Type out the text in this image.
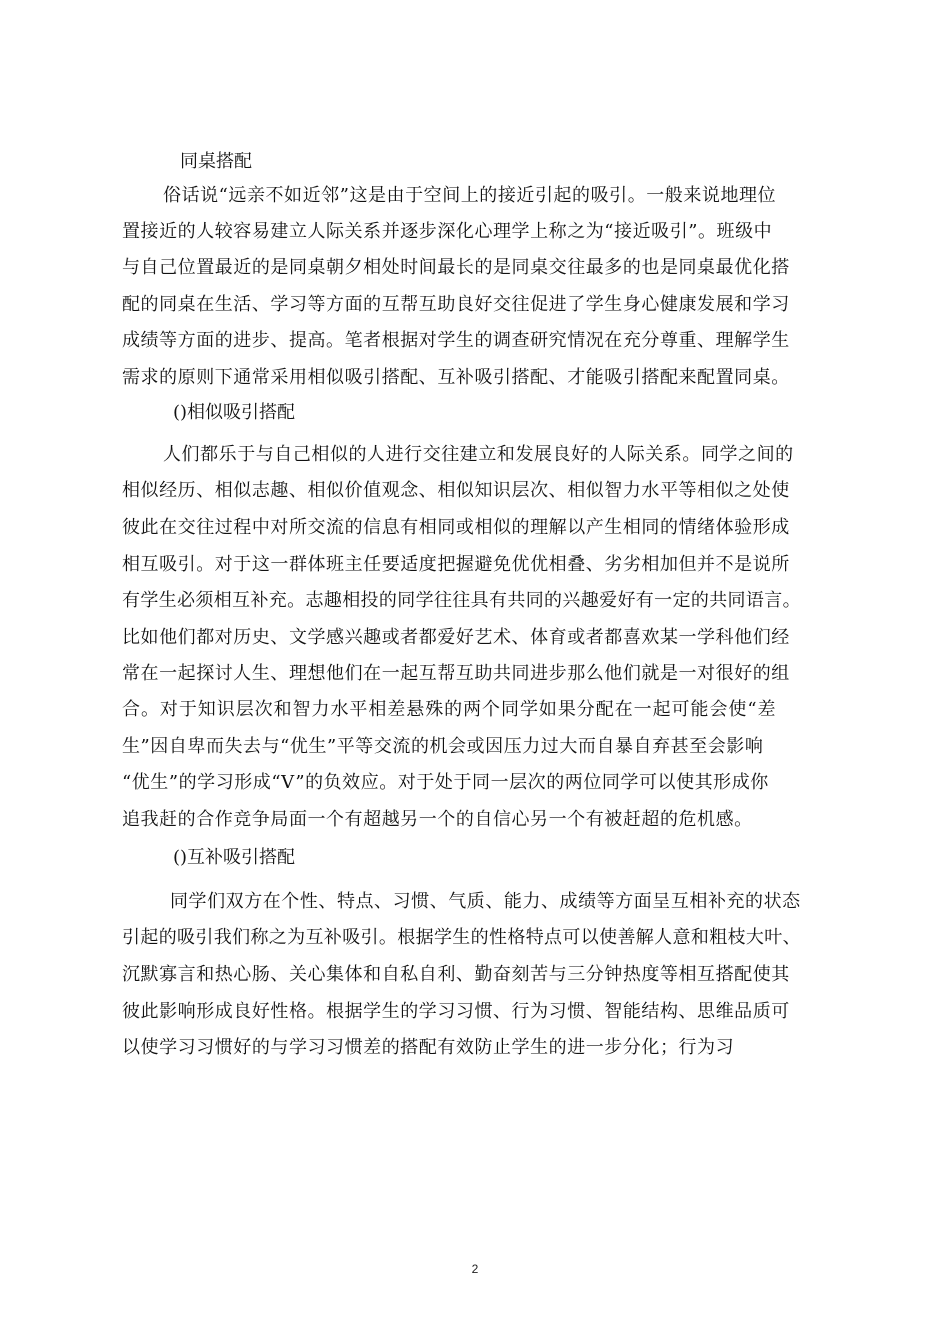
同桌搭配
俗话说“远亲不如近邻”这是由于空间上的接近引起的吸引。一般来说地理位
置接近的人较容易建立人际关系并逐步深化心理学上称之为“接近吸引”。班级中
与自己位置最近的是同桌朝夕相处时间最长的是同桌交往最多的也是同桌最优化搭
配的同桌在生活、学习等方面的互帮互助良好交往促进了学生身心健康发展和学习
成绩等方面的进步、提高。笔者根据对学生的调查研究情况在充分尊重、理解学生
需求的原则下通常采用相似吸引搭配、互补吸引搭配、才能吸引搭配来配置同桌。
()相似吸引搭配
人们都乐于与自己相似的人进行交往建立和发展良好的人际关系。同学之间的
相似经历、相似志趣、相似价值观念、相似知识层次、相似智力水平等相似之处使
彼此在交往过程中对所交流的信息有相同或相似的理解以产生相同的情绪体验形成
相互吸引。对于这一群体班主任要适度把握避免优优相叠、劣劣相加但并不是说所
有学生必须相互补充。志趣相投的同学往往具有共同的兴趣爱好有一定的共同语言。
比如他们都对历史、文学感兴趣或者都爱好艺术、体育或者都喜欢某一学科他们经
常在一起探讨人生、理想他们在一起互帮互助共同进步那么他们就是一对很好的组
合。对于知识层次和智力水平相差悬殊的两个同学如果分配在一起可能会使“差
生”因自卑而失去与“优生”平等交流的机会或因压力过大而自暴自弃甚至会影响
“优生”的学习形成“V”的负效应。对于处于同一层次的两位同学可以使其形成你
追我赶的合作竞争局面一个有超越另一个的自信心另一个有被赶超的危机感。
()互补吸引搭配
同学们双方在个性、特点、习惯、气质、能力、成绩等方面呈互相补充的状态
引起的吸引我们称之为互补吸引。根据学生的性格特点可以使善解人意和粗枝大叶、
沉默寡言和热心肠、关心集体和自私自利、勤奋刻苦与三分钟热度等相互搭配使其
彼此影响形成良好性格。根据学生的学习习惯、行为习惯、智能结构、思维品质可
以使学习习惯好的与学习习惯差的搭配有效防止学生的进一步分化；行为习
2
